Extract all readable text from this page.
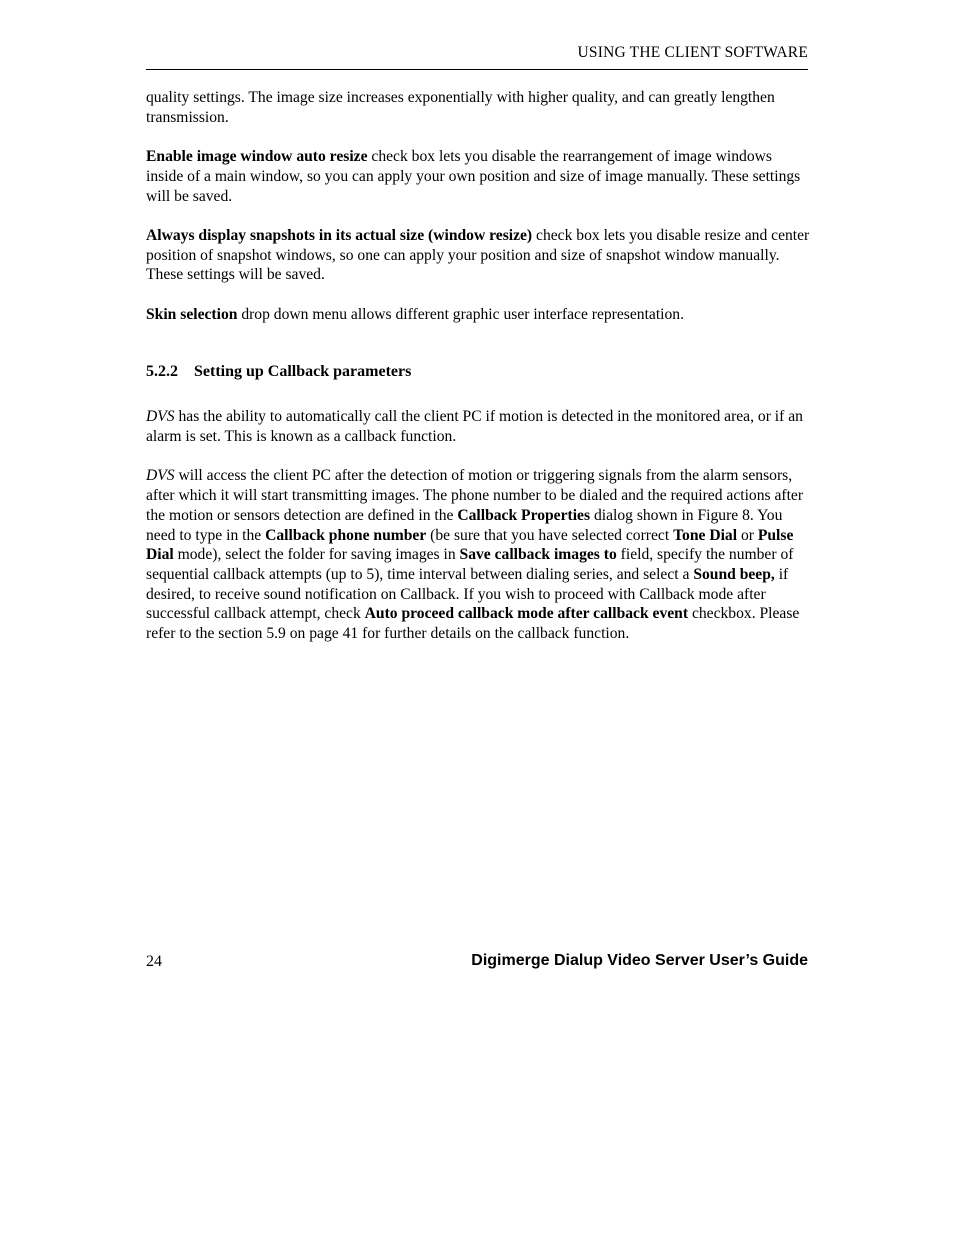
USING THE CLIENT SOFTWARE

quality settings. The image size increases exponentially with higher quality, and can greatly lengthen transmission.

Enable image window auto resize check box lets you disable the rearrangement of image windows inside of a main window, so you can apply your own position and size of image manually. These settings will be saved.

Always display snapshots in its actual size (window resize) check box lets you disable resize and center position of snapshot windows, so one can apply your position and size of snapshot window manually. These settings will be saved.

Skin selection drop down menu allows different graphic user interface representation.

5.2.2 Setting up Callback parameters

DVS has the ability to automatically call the client PC if motion is detected in the monitored area, or if an alarm is set. This is known as a callback function.

DVS will access the client PC after the detection of motion or triggering signals from the alarm sensors, after which it will start transmitting images. The phone number to be dialed and the required actions after the motion or sensors detection are defined in the Callback Properties dialog shown in Figure 8. You need to type in the Callback phone number (be sure that you have selected correct Tone Dial or Pulse Dial mode), select the folder for saving images in Save callback images to field, specify the number of sequential callback attempts (up to 5), time interval between dialing series, and select a Sound beep, if desired, to receive sound notification on Callback. If you wish to proceed with Callback mode after successful callback attempt, check Auto proceed callback mode after callback event checkbox. Please refer to the section 5.9 on page 41 for further details on the callback function.

24	Digimerge Dialup Video Server User’s Guide
